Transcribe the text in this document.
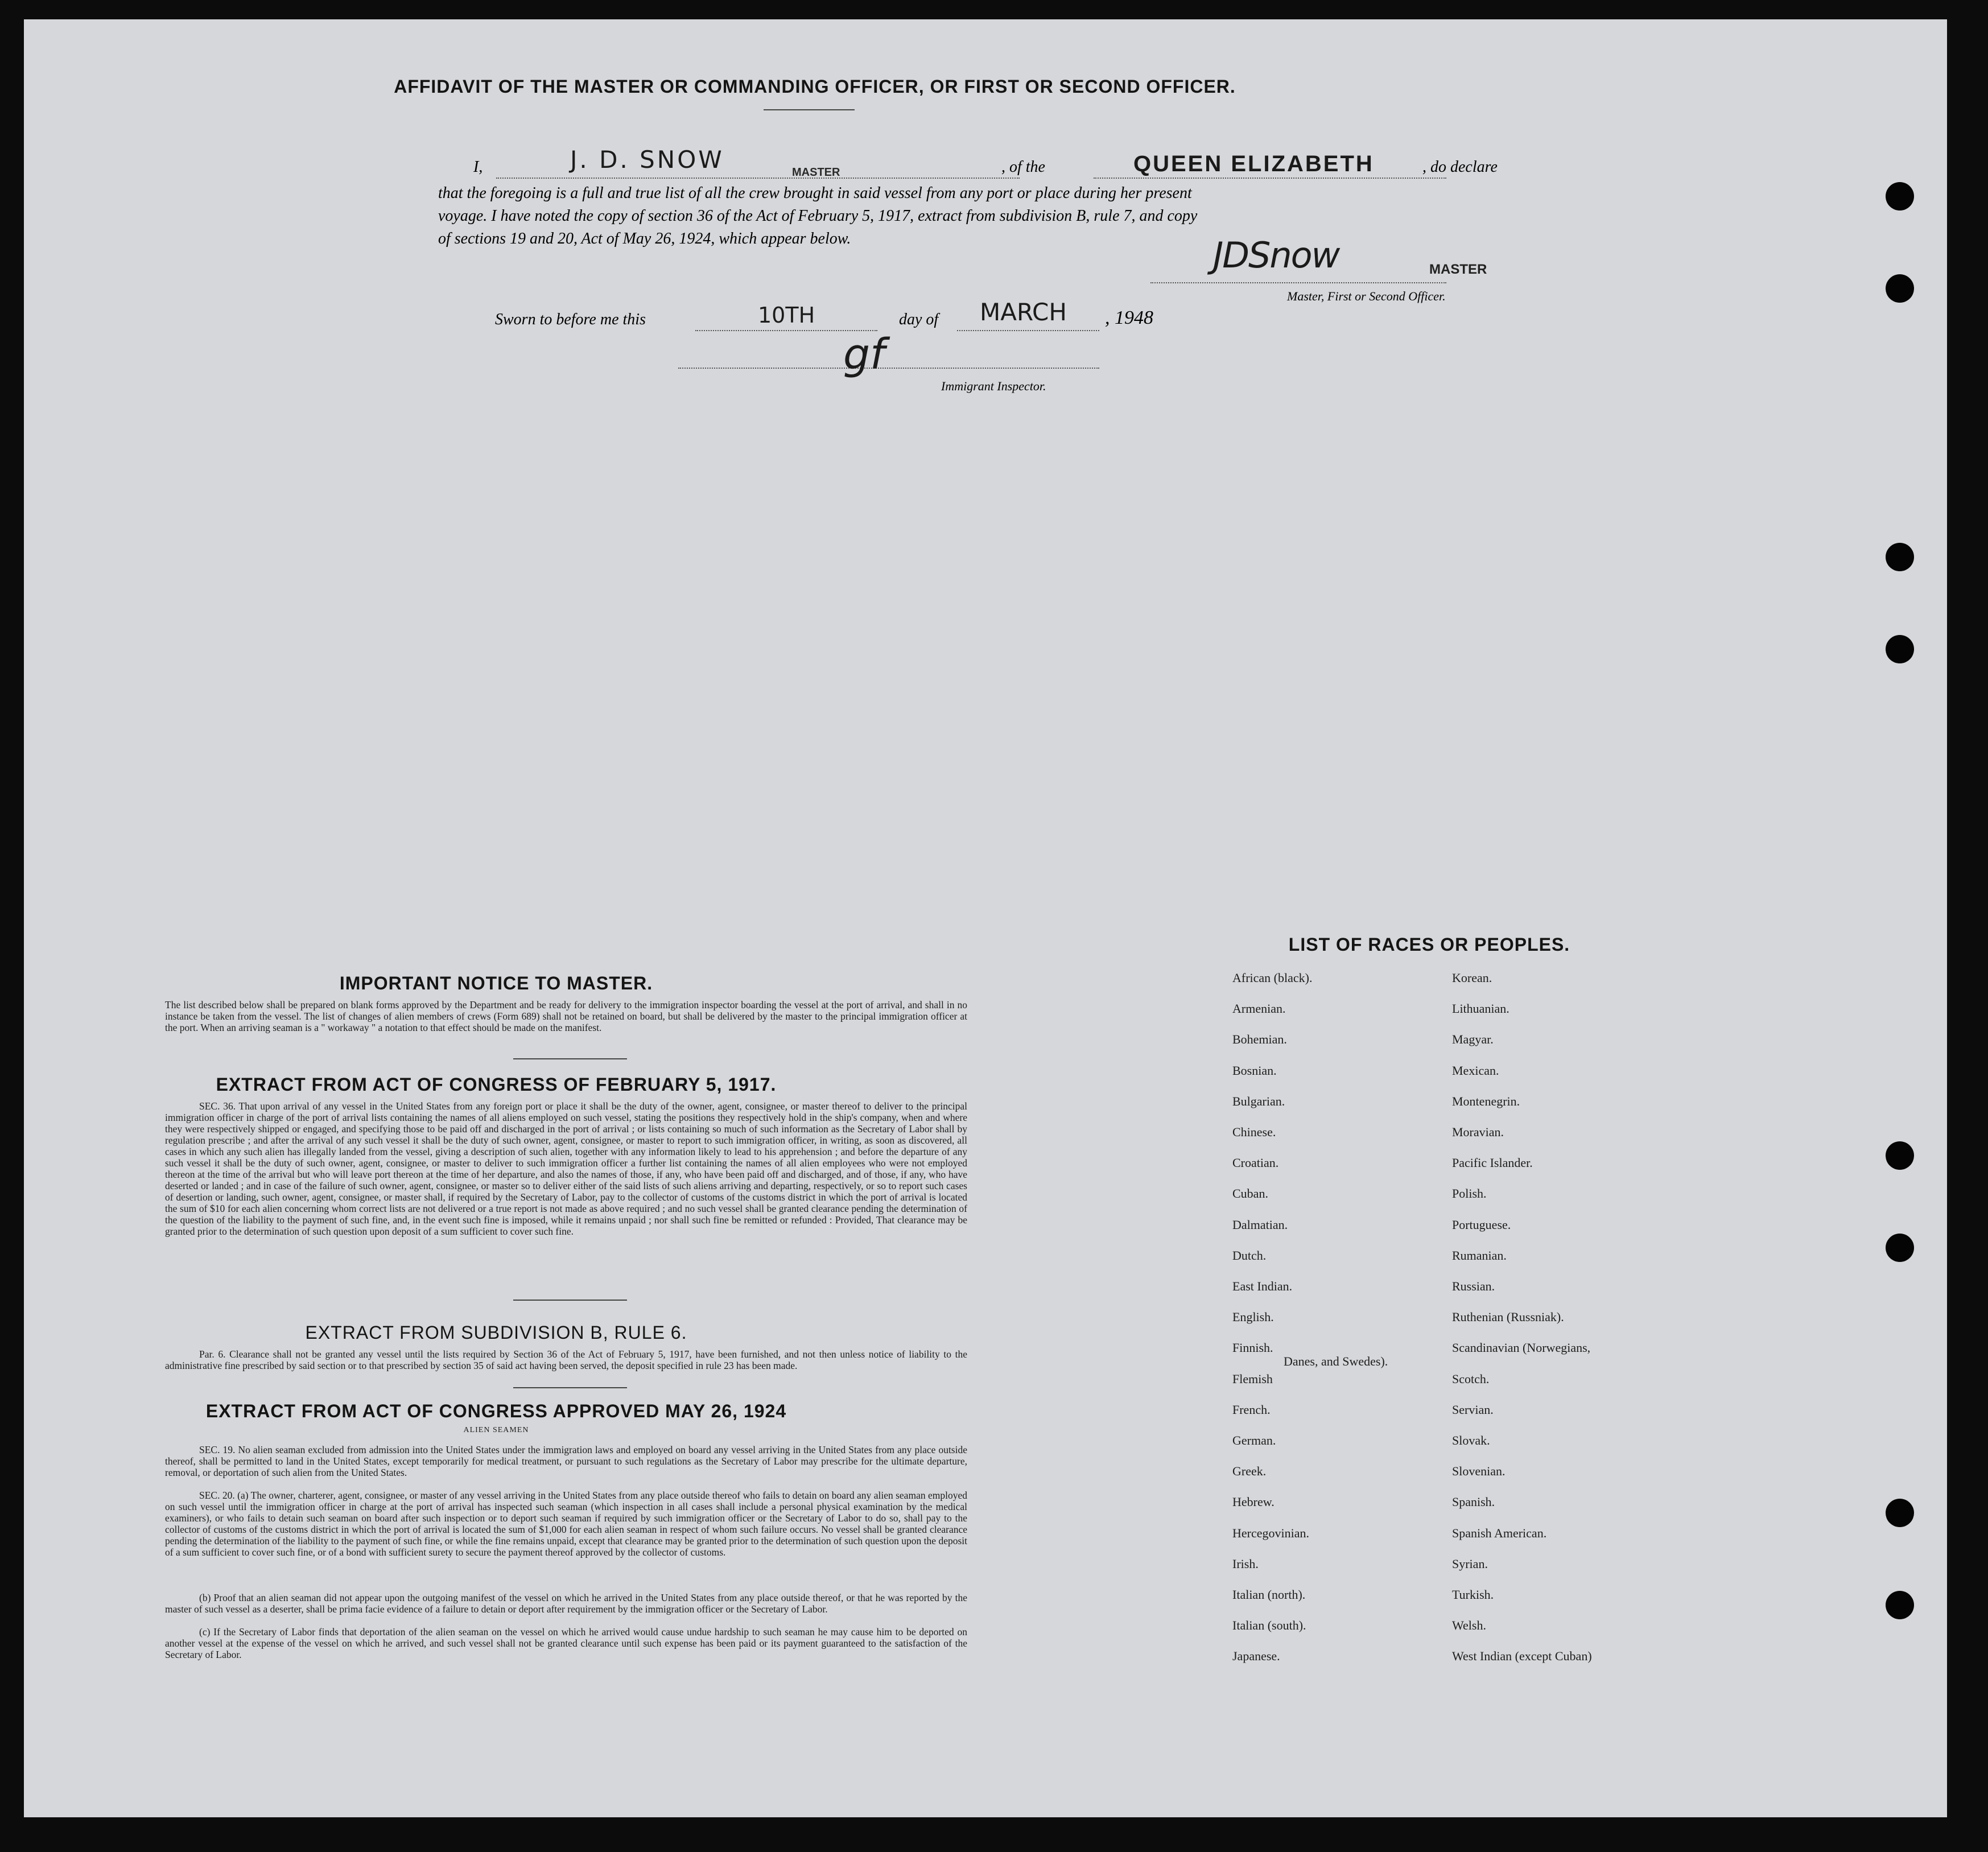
AFFIDAVIT OF THE MASTER OR COMMANDING OFFICER, OR FIRST OR SECOND OFFICER.
I,	J. D. SNOW	MASTER	, of the	QUEEN ELIZABETH	, do declare
that the foregoing is a full and true list of all the crew brought in said vessel from any port or place during her present
voyage. I have noted the copy of section 36 of the Act of February 5, 1917, extract from subdivision B, rule 7, and copy
of sections 19 and 20, Act of May 26, 1924, which appear below.	JDSnow	MASTER
Master, First or Second Officer.
Sworn to before me this	10TH	day of MARCH , 1948
gf
Immigrant Inspector.
IMPORTANT NOTICE TO MASTER.
The list described below shall be prepared on blank forms approved by the Department and be ready for delivery to the immigration inspector boarding the vessel at the port of arrival, and shall in no instance be taken from the vessel. The list of changes of alien members of crews (Form 689) shall not be retained on board, but shall be delivered by the master to the principal immigration officer at the port. When an arriving seaman is a " workaway " a notation to that effect should be made on the manifest.
EXTRACT FROM ACT OF CONGRESS OF FEBRUARY 5, 1917.
SEC. 36. That upon arrival of any vessel in the United States from any foreign port or place it shall be the duty of the owner, agent, consignee, or master thereof to deliver to the principal immigration officer in charge of the port of arrival lists containing the names of all aliens employed on such vessel, stating the positions they respectively hold in the ship's company, when and where they were respectively shipped or engaged, and specifying those to be paid off and discharged in the port of arrival ; or lists containing so much of such information as the Secretary of Labor shall by regulation prescribe ; and after the arrival of any such vessel it shall be the duty of such owner, agent, consignee, or master to report to such immigration officer, in writing, as soon as discovered, all cases in which any such alien has illegally landed from the vessel, giving a description of such alien, together with any information likely to lead to his apprehension ; and before the departure of any such vessel it shall be the duty of such owner, agent, consignee, or master to deliver to such immigration officer a further list containing the names of all alien employees who were not employed thereon at the time of the arrival but who will leave port thereon at the time of her departure, and also the names of those, if any, who have been paid off and discharged, and of those, if any, who have deserted or landed ; and in case of the failure of such owner, agent, consignee, or master so to deliver either of the said lists of such aliens arriving and departing, respectively, or so to report such cases of desertion or landing, such owner, agent, consignee, or master shall, if required by the Secretary of Labor, pay to the collector of customs of the customs district in which the port of arrival is located the sum of $10 for each alien concerning whom correct lists are not delivered or a true report is not made as above required ; and no such vessel shall be granted clearance pending the determination of the question of the liability to the payment of such fine, and, in the event such fine is imposed, while it remains unpaid ; nor shall such fine be remitted or refunded : Provided, That clearance may be granted prior to the determination of such question upon deposit of a sum sufficient to cover such fine.
EXTRACT FROM SUBDIVISION B, RULE 6.
Par. 6. Clearance shall not be granted any vessel until the lists required by Section 36 of the Act of February 5, 1917, have been furnished, and not then unless notice of liability to the administrative fine prescribed by said section or to that prescribed by section 35 of said act having been served, the deposit specified in rule 23 has been made.
EXTRACT FROM ACT OF CONGRESS APPROVED MAY 26, 1924
ALIEN SEAMEN
SEC. 19. No alien seaman excluded from admission into the United States under the immigration laws and employed on board any vessel arriving in the United States from any place outside thereof, shall be permitted to land in the United States, except temporarily for medical treatment, or pursuant to such regulations as the Secretary of Labor may prescribe for the ultimate departure, removal, or deportation of such alien from the United States.
SEC. 20. (a) The owner, charterer, agent, consignee, or master of any vessel arriving in the United States from any place outside thereof who fails to detain on board any alien seaman employed on such vessel until the immigration officer in charge at the port of arrival has inspected such seaman (which inspection in all cases shall include a personal physical examination by the medical examiners), or who fails to detain such seaman on board after such inspection or to deport such seaman if required by such immigration officer or the Secretary of Labor to do so, shall pay to the collector of customs of the customs district in which the port of arrival is located the sum of $1,000 for each alien seaman in respect of whom such failure occurs. No vessel shall be granted clearance pending the determination of the liability to the payment of such fine, or while the fine remains unpaid, except that clearance may be granted prior to the determination of such question upon the deposit of a sum sufficient to cover such fine, or of a bond with sufficient surety to secure the payment thereof approved by the collector of customs.
(b) Proof that an alien seaman did not appear upon the outgoing manifest of the vessel on which he arrived in the United States from any place outside thereof, or that he was reported by the master of such vessel as a deserter, shall be prima facie evidence of a failure to detain or deport after requirement by the immigration officer or the Secretary of Labor.
(c) If the Secretary of Labor finds that deportation of the alien seaman on the vessel on which he arrived would cause undue hardship to such seaman he may cause him to be deported on another vessel at the expense of the vessel on which he arrived, and such vessel shall not be granted clearance until such expense has been paid or its payment guaranteed to the satisfaction of the Secretary of Labor.
LIST OF RACES OR PEOPLES.
African (black).
Armenian.
Bohemian.
Bosnian.
Bulgarian.
Chinese.
Croatian.
Cuban.
Dalmatian.
Dutch.
East Indian.
English.
Finnish.
Flemish
French.
German.
Greek.
Hebrew.
Hercegovinian.
Irish.
Italian (north).
Italian (south).
Japanese.
Korean.
Lithuanian.
Magyar.
Mexican.
Montenegrin.
Moravian.
Pacific Islander.
Polish.
Portuguese.
Rumanian.
Russian.
Ruthenian (Russniak).
Scandinavian (Norwegians,
Danes, and Swedes).
Scotch.
Servian.
Slovak.
Slovenian.
Spanish.
Spanish American.
Syrian.
Turkish.
Welsh.
West Indian (except Cuban)
